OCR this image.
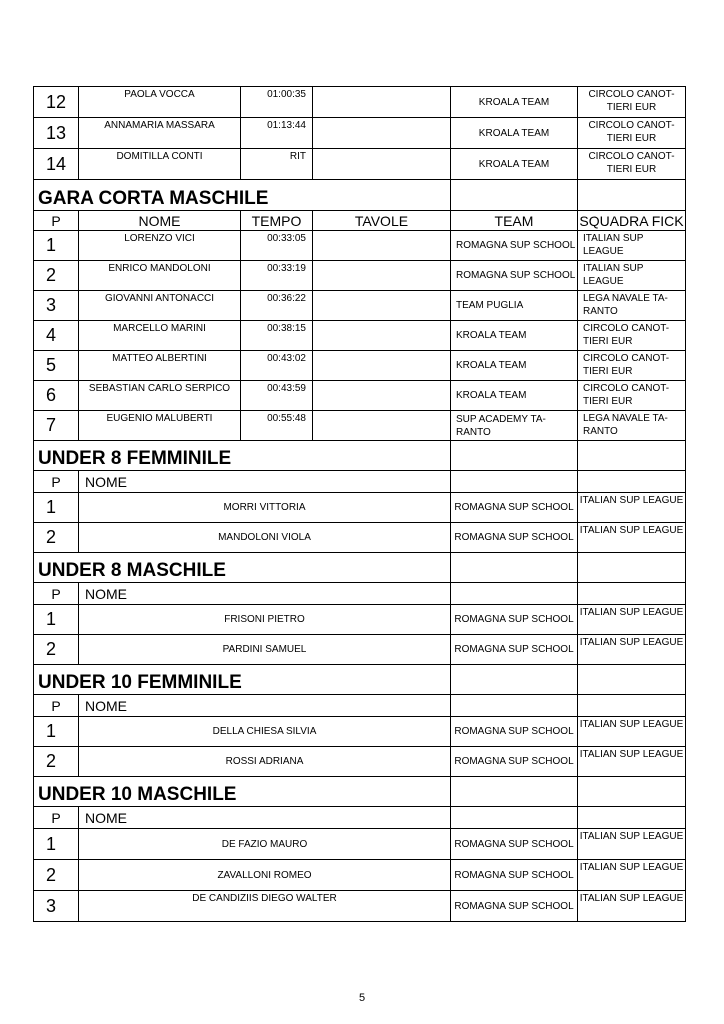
12	PAOLA VOCCA	01:00:35		KROALA TEAM	CIRCOLO CANOT-TIERI EUR
13	ANNAMARIA MASSARA	01:13:44		KROALA TEAM	CIRCOLO CANOT-TIERI EUR
14	DOMITILLA CONTI	RIT		KROALA TEAM	CIRCOLO CANOT-TIERI EUR
GARA CORTA MASCHILE					
P	NOME	TEMPO	TAVOLE	TEAM	SQUADRA FICK
1	LORENZO VICI	00:33:05		ROMAGNA SUP SCHOOL	ITALIAN SUP LEAGUE
2	ENRICO MANDOLONI	00:33:19		ROMAGNA SUP SCHOOL	ITALIAN SUP LEAGUE
3	GIOVANNI ANTONACCI	00:36:22		TEAM PUGLIA	LEGA NAVALE TA-RANTO
4	MARCELLO MARINI	00:38:15		KROALA TEAM	CIRCOLO CANOT-TIERI EUR
5	MATTEO ALBERTINI	00:43:02		KROALA TEAM	CIRCOLO CANOT-TIERI EUR
6	SEBASTIAN CARLO SERPICO	00:43:59		KROALA TEAM	CIRCOLO CANOT-TIERI EUR
7	EUGENIO MALUBERTI	00:55:48		SUP ACADEMY TA-RANTO	LEGA NAVALE TA-RANTO
UNDER 8 FEMMINILE					
P	NOME				
1	MORRI VITTORIA			ROMAGNA SUP SCHOOL	ITALIAN SUP LEAGUE
2	MANDOLONI VIOLA			ROMAGNA SUP SCHOOL	ITALIAN SUP LEAGUE
UNDER 8 MASCHILE					
P	NOME				
1	FRISONI PIETRO			ROMAGNA SUP SCHOOL	ITALIAN SUP LEAGUE
2	PARDINI SAMUEL			ROMAGNA SUP SCHOOL	ITALIAN SUP LEAGUE
UNDER 10 FEMMINILE					
P	NOME				
1	DELLA CHIESA SILVIA			ROMAGNA SUP SCHOOL	ITALIAN SUP LEAGUE
2	ROSSI ADRIANA			ROMAGNA SUP SCHOOL	ITALIAN SUP LEAGUE
UNDER 10 MASCHILE					
P	NOME				
1	DE FAZIO MAURO			ROMAGNA SUP SCHOOL	ITALIAN SUP LEAGUE
2	ZAVALLONI ROMEO			ROMAGNA SUP SCHOOL	ITALIAN SUP LEAGUE
3	DE CANDIZIIS DIEGO WALTER			ROMAGNA SUP SCHOOL	ITALIAN SUP LEAGUE
5
